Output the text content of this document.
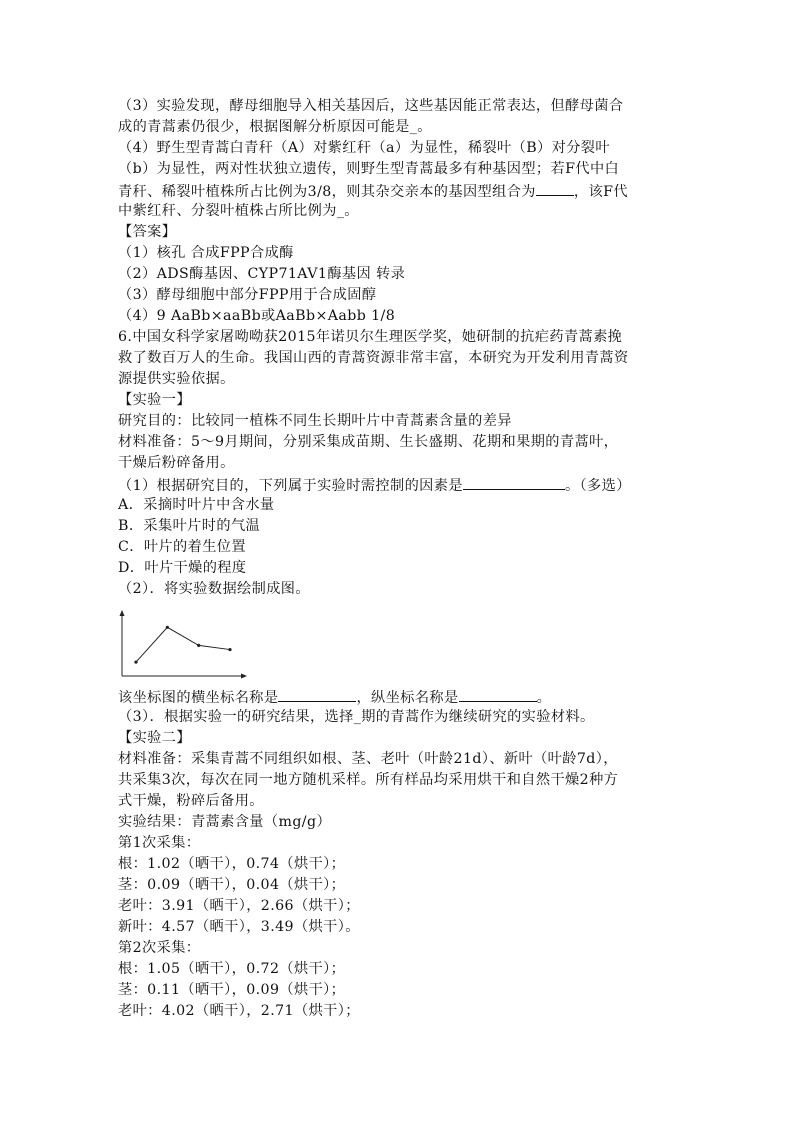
（3）实验发现，酵母细胞导入相关基因后，这些基因能正常表达，但酵母菌合
成的青蒿素仍很少，根据图解分析原因可能是_。
（4）野生型青蒿白青秆（A）对紫红秆（a）为显性，稀裂叶（B）对分裂叶
（b）为显性，两对性状独立遗传，则野生型青蒿最多有种基因型；若F代中白
青秆、稀裂叶植株所占比例为3/8，则其杂交亲本的基因型组合为	，该F代
中紫红秆、分裂叶植株占所比例为_。
【答案】
（1）核孔 合成FPP合成酶
（2）ADS酶基因、CYP71AV1酶基因 转录
（3）酵母细胞中部分FPP用于合成固醇
（4）9 AaBb×aaBb或AaBb×Aabb 1/8
6.中国女科学家屠呦呦获2015年诺贝尔生理医学奖，她研制的抗疟药青蒿素挽
救了数百万人的生命。我国山西的青蒿资源非常丰富，本研究为开发利用青蒿资
源提供实验依据。
【实验一】
研究目的：比较同一植株不同生长期叶片中青蒿素含量的差异
材料准备：5～9月期间，分别采集成苗期、生长盛期、花期和果期的青蒿叶，
干燥后粉碎备用。
（1）根据研究目的，下列属于实验时需控制的因素是	。（多选）
A．采摘时叶片中含水量
B．采集叶片时的气温
C．叶片的着生位置
D．叶片干燥的程度
（2）．将实验数据绘制成图。
该坐标图的横坐标名称是	，纵坐标名称是	。
（3）．根据实验一的研究结果，选择_期的青蒿作为继续研究的实验材料。
【实验二】
材料准备：采集青蒿不同组织如根、茎、老叶（叶龄21d）、新叶（叶龄7d），
共采集3次，每次在同一地方随机采样。所有样品均采用烘干和自然干燥2种方
式干燥，粉碎后备用。
实验结果：青蒿素含量（mg/g）
第1次采集：
根：1.02（晒干），0.74（烘干）；
茎：0.09（晒干），0.04（烘干）；
老叶：3.91（晒干），2.66（烘干）；
新叶：4.57（晒干），3.49（烘干）。
第2次采集：
根：1.05（晒干），0.72（烘干）；
茎：0.11（晒干），0.09（烘干）；
老叶：4.02（晒干），2.71（烘干）；
